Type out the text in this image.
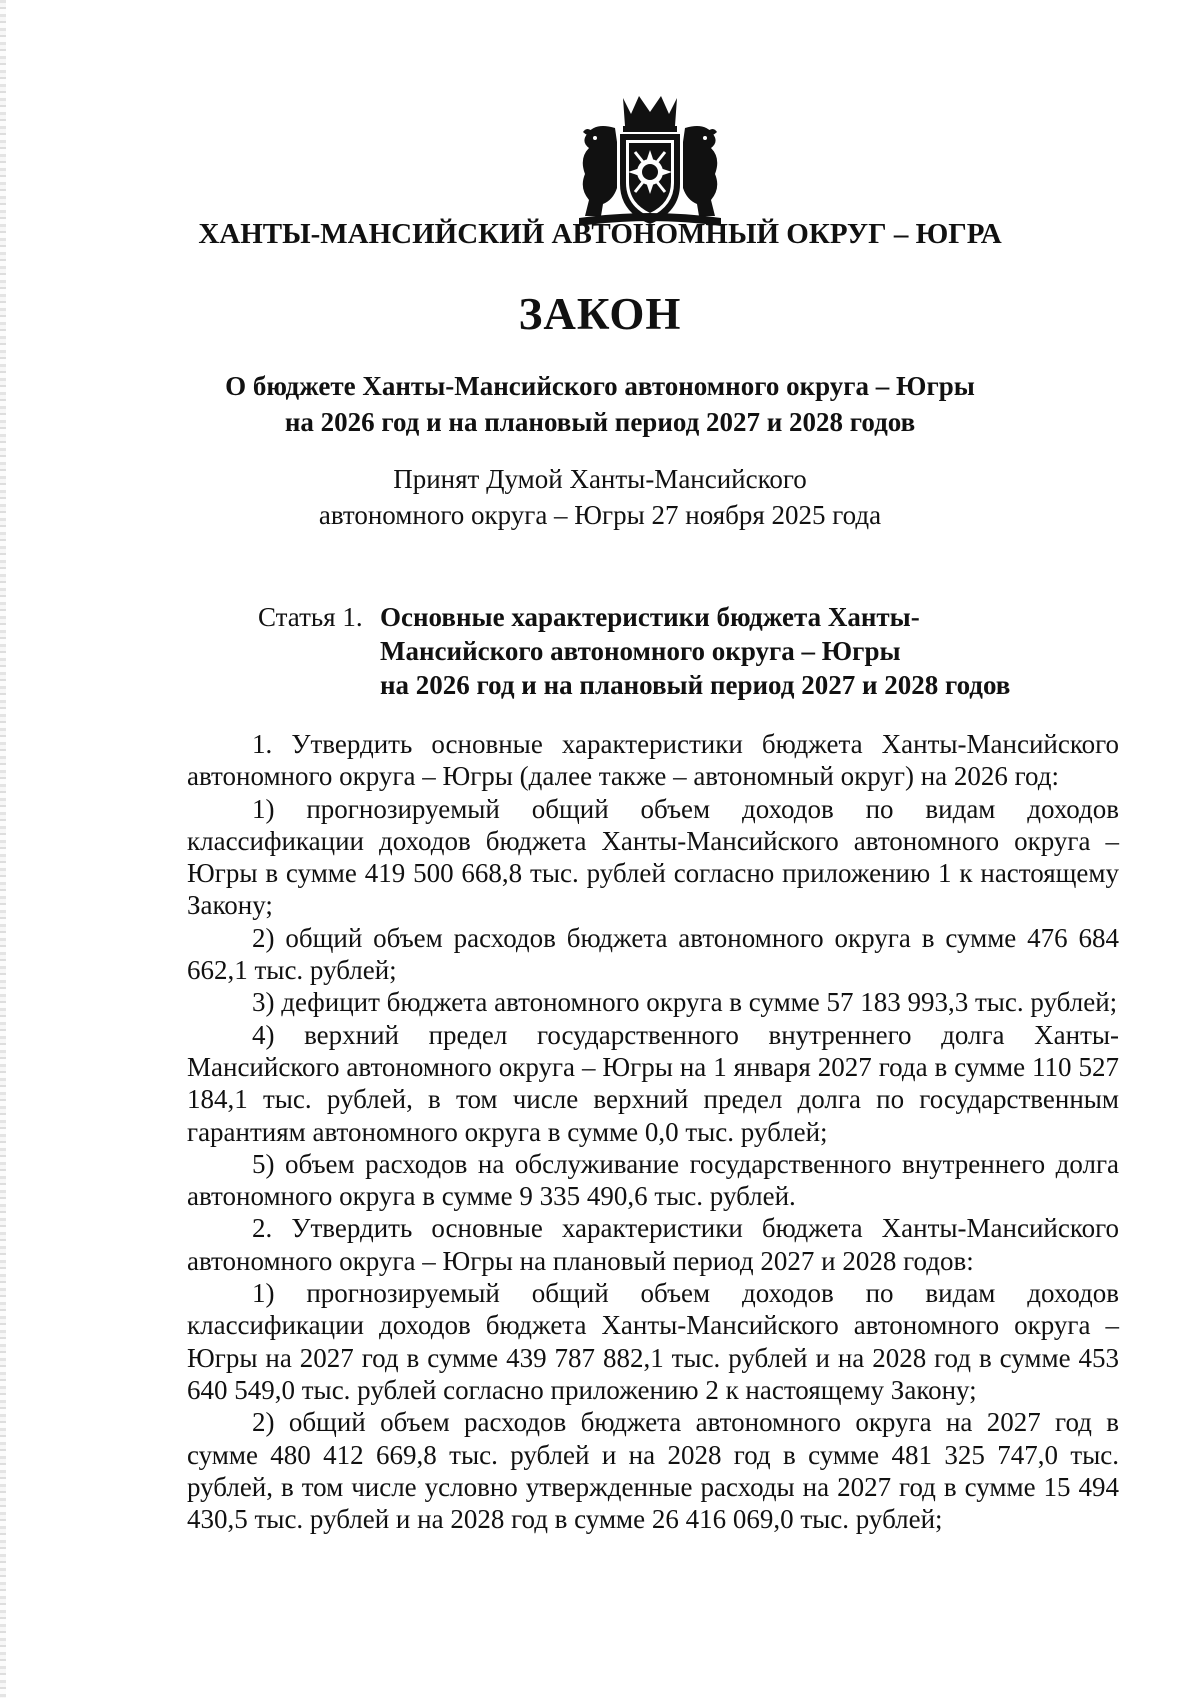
ХАНТЫ-МАНСИЙСКИЙ АВТОНОМНЫЙ ОКРУГ – ЮГРА
ЗАКОН
О бюджете Ханты-Мансийского автономного округа – Югры
на 2026 год и на плановый период 2027 и 2028 годов
Принят Думой Ханты-Мансийского
автономного округа – Югры 27 ноября 2025 года
Статья 1. Основные характеристики бюджета Ханты-
Мансийского автономного округа – Югры
на 2026 год и на плановый период 2027 и 2028 годов

1. Утвердить основные характеристики бюджета Ханты-Мансийского автономного округа – Югры (далее также – автономный округ) на 2026 год:

1) прогнозируемый общий объем доходов по видам доходов классификации доходов бюджета Ханты-Мансийского автономного округа – Югры в сумме 419 500 668,8 тыс. рублей согласно приложению 1 к настоящему Закону;

2) общий объем расходов бюджета автономного округа в сумме 476 684 662,1 тыс. рублей;

3) дефицит бюджета автономного округа в сумме 57 183 993,3 тыс. рублей;

4) верхний предел государственного внутреннего долга Ханты-Мансийского автономного округа – Югры на 1 января 2027 года в сумме 110 527 184,1 тыс. рублей, в том числе верхний предел долга по государственным гарантиям автономного округа в сумме 0,0 тыс. рублей;

5) объем расходов на обслуживание государственного внутреннего долга автономного округа в сумме 9 335 490,6 тыс. рублей.

2. Утвердить основные характеристики бюджета Ханты-Мансийского автономного округа – Югры на плановый период 2027 и 2028 годов:

1) прогнозируемый общий объем доходов по видам доходов классификации доходов бюджета Ханты-Мансийского автономного округа – Югры на 2027 год в сумме 439 787 882,1 тыс. рублей и на 2028 год в сумме 453 640 549,0 тыс. рублей согласно приложению 2 к настоящему Закону;

2) общий объем расходов бюджета автономного округа на 2027 год в сумме 480 412 669,8 тыс. рублей и на 2028 год в сумме 481 325 747,0 тыс. рублей, в том числе условно утвержденные расходы на 2027 год в сумме 15 494 430,5 тыс. рублей и на 2028 год в сумме 26 416 069,0 тыс. рублей;
